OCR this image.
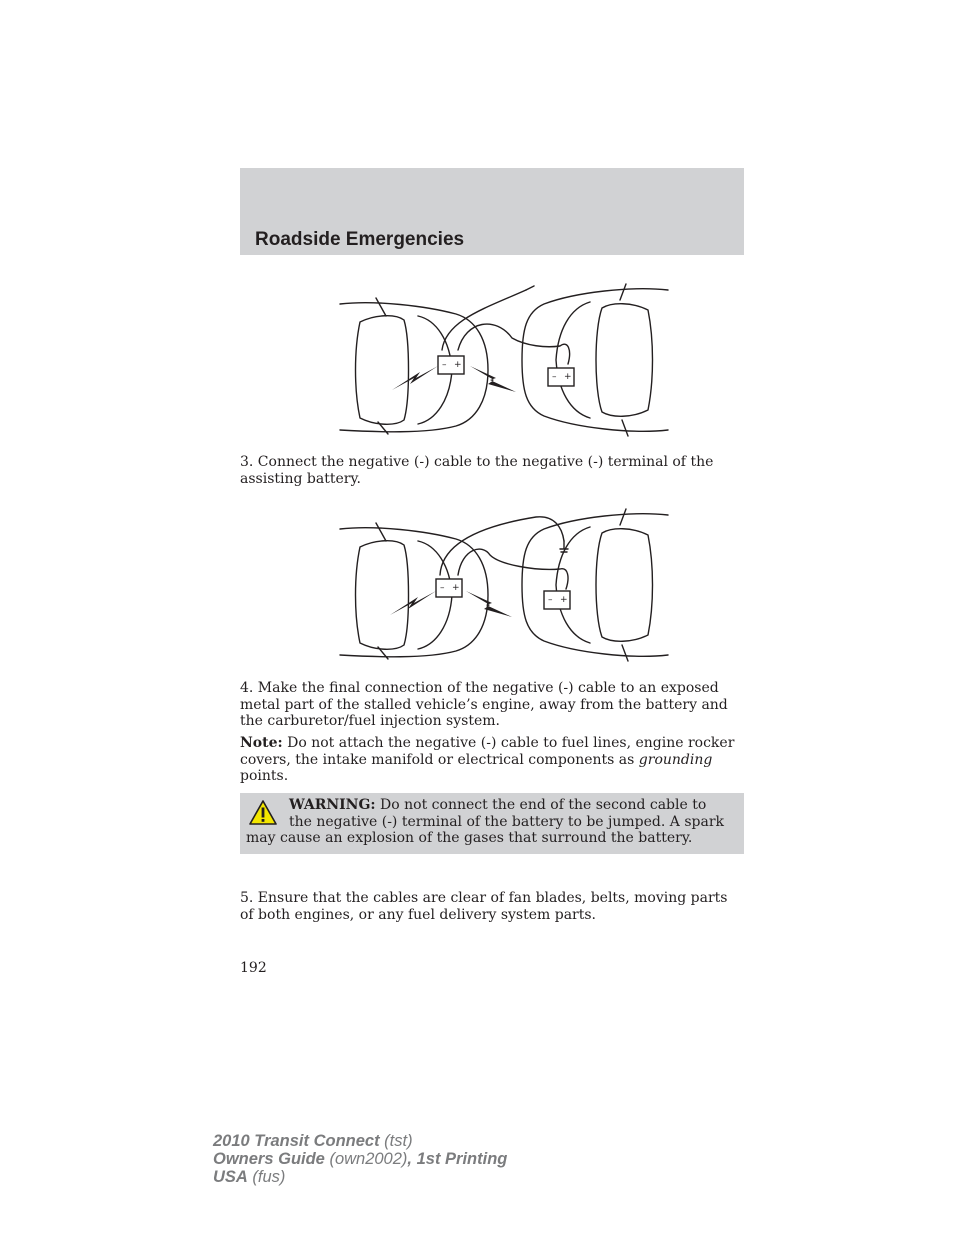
Roadside Emergencies
– +
– +

3. Connect the negative (-) cable to the negative (-) terminal of the assisting battery.

– +
– +

4. Make the final connection of the negative (-) cable to an exposed metal part of the stalled vehicle’s engine, away from the battery and the carburetor/fuel injection system.

Note: Do not attach the negative (-) cable to fuel lines, engine rocker covers, the intake manifold or electrical components as grounding points.

WARNING: Do not connect the end of the second cable to the negative (-) terminal of the battery to be jumped. A spark may cause an explosion of the gases that surround the battery.

5. Ensure that the cables are clear of fan blades, belts, moving parts of both engines, or any fuel delivery system parts.

192

2010 Transit Connect (tst)
Owners Guide (own2002), 1st Printing
USA (fus)
